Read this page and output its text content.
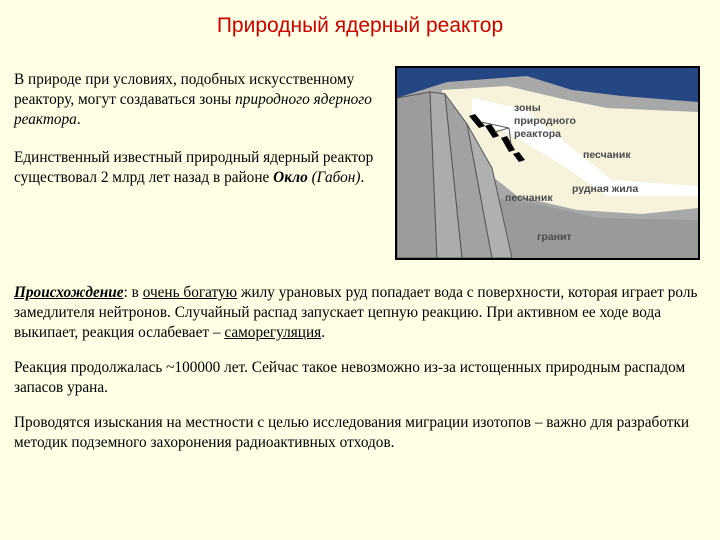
Природный ядерный реактор
В природе при условиях, подобных искусственному реактору, могут создаваться зоны природного ядерного реактора.
Единственный известный природный ядерный реактор существовал 2 млрд лет назад в районе Окло (Габон).
зоны
природного
реактора
песчаник
рудная жила
песчаник
гранит
Происхождение: в очень богатую жилу урановых руд попадает вода с поверхности, которая играет роль замедлителя нейтронов. Случайный распад запускает цепную реакцию. При активном ее ходе вода выкипает, реакция ослабевает – саморегуляция.
Реакция продолжалась ~100000 лет. Сейчас такое невозможно из-за истощенных природным распадом запасов урана.
Проводятся изыскания на местности с целью исследования миграции изотопов – важно для разработки методик подземного захоронения радиоактивных отходов.
